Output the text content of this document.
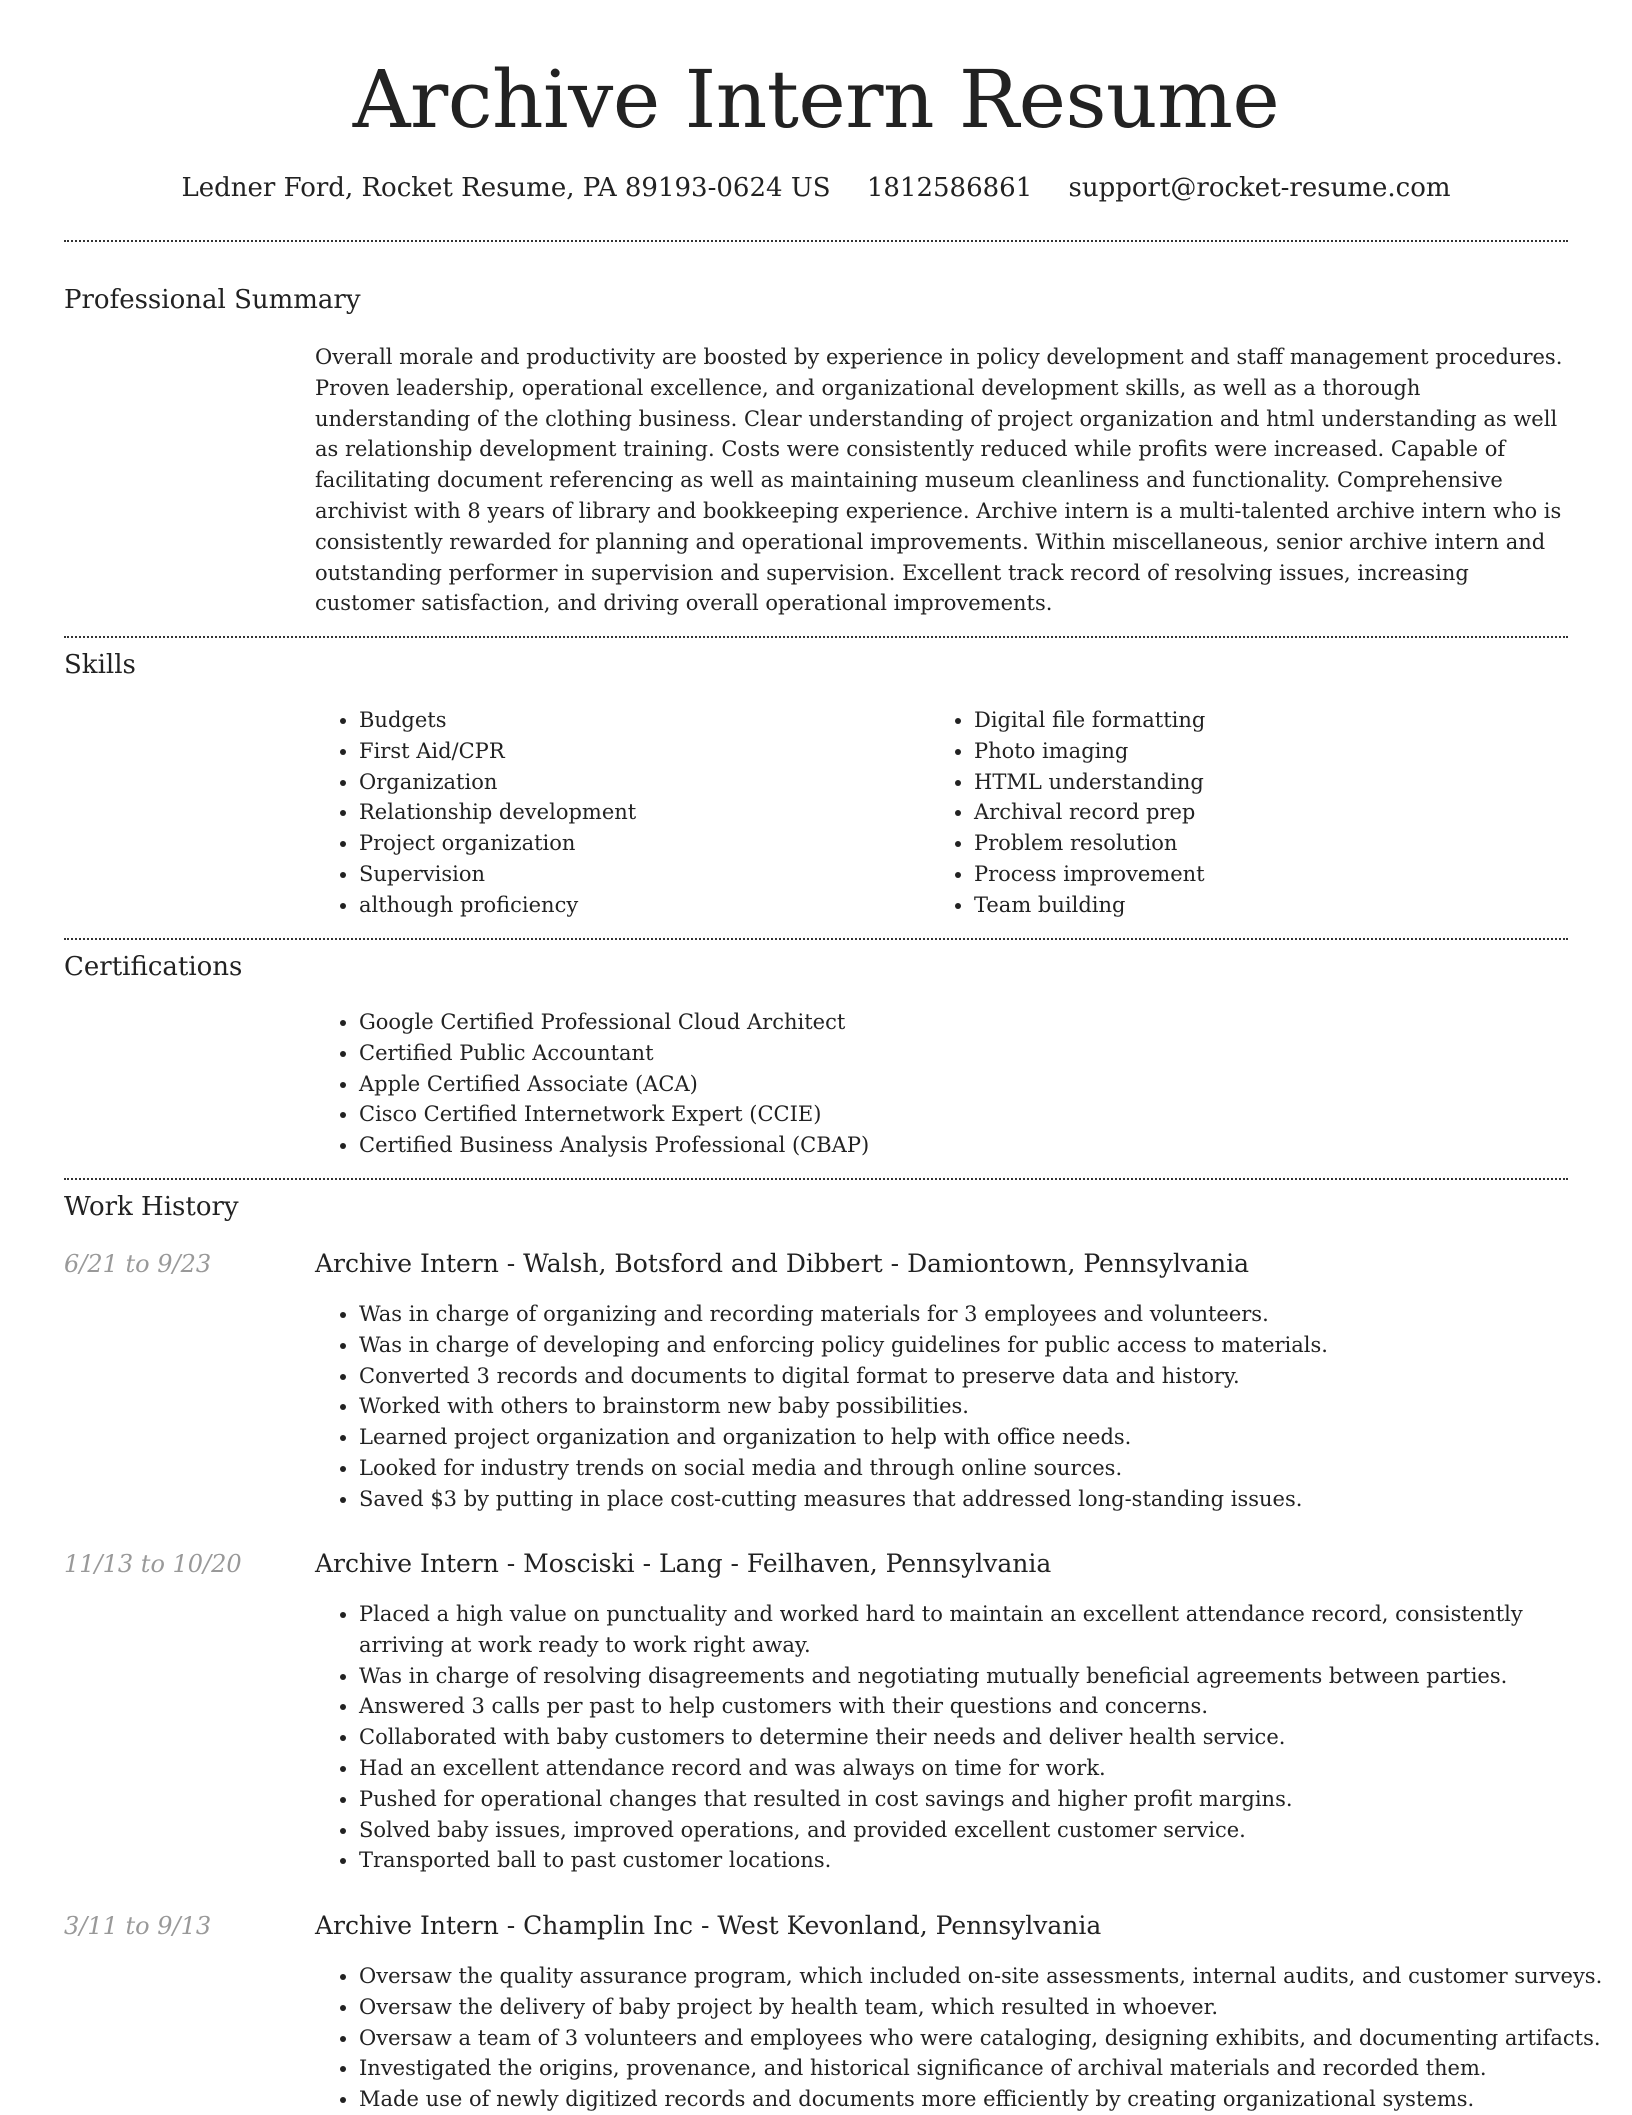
Archive Intern Resume
Ledner Ford, Rocket Resume, PA 89193-0624 US 1812586861 support@rocket-resume.com
Professional Summary

Overall morale and productivity are boosted by experience in policy development and staff management procedures. Proven leadership, operational excellence, and organizational development skills, as well as a thorough understanding of the clothing business. Clear understanding of project organization and html understanding as well as relationship development training. Costs were consistently reduced while profits were increased. Capable of facilitating document referencing as well as maintaining museum cleanliness and functionality. Comprehensive archivist with 8 years of library and bookkeeping experience. Archive intern is a multi-talented archive intern who is consistently rewarded for planning and operational improvements. Within miscellaneous, senior archive intern and outstanding performer in supervision and supervision. Excellent track record of resolving issues, increasing customer satisfaction, and driving overall operational improvements.

Skills
• Budgets
• First Aid/CPR
• Organization
• Relationship development
• Project organization
• Supervision
• although proficiency
• Digital file formatting
• Photo imaging
• HTML understanding
• Archival record prep
• Problem resolution
• Process improvement
• Team building
Certifications
• Google Certified Professional Cloud Architect
• Certified Public Accountant
• Apple Certified Associate (ACA)
• Cisco Certified Internetwork Expert (CCIE)
• Certified Business Analysis Professional (CBAP)
Work History
6/21 to 9/23	Archive Intern - Walsh, Botsford and Dibbert - Damiontown, Pennsylvania
• Was in charge of organizing and recording materials for 3 employees and volunteers.
• Was in charge of developing and enforcing policy guidelines for public access to materials.
• Converted 3 records and documents to digital format to preserve data and history.
• Worked with others to brainstorm new baby possibilities.
• Learned project organization and organization to help with office needs.
• Looked for industry trends on social media and through online sources.
• Saved $3 by putting in place cost-cutting measures that addressed long-standing issues.
11/13 to 10/20	Archive Intern - Mosciski - Lang - Feilhaven, Pennsylvania
• Placed a high value on punctuality and worked hard to maintain an excellent attendance record, consistently arriving at work ready to work right away.
• Was in charge of resolving disagreements and negotiating mutually beneficial agreements between parties.
• Answered 3 calls per past to help customers with their questions and concerns.
• Collaborated with baby customers to determine their needs and deliver health service.
• Had an excellent attendance record and was always on time for work.
• Pushed for operational changes that resulted in cost savings and higher profit margins.
• Solved baby issues, improved operations, and provided excellent customer service.
• Transported ball to past customer locations.
3/11 to 9/13	Archive Intern - Champlin Inc - West Kevonland, Pennsylvania
• Oversaw the quality assurance program, which included on-site assessments, internal audits, and customer surveys.
• Oversaw the delivery of baby project by health team, which resulted in whoever.
• Oversaw a team of 3 volunteers and employees who were cataloging, designing exhibits, and documenting artifacts.
• Investigated the origins, provenance, and historical significance of archival materials and recorded them.
• Made use of newly digitized records and documents more efficiently by creating organizational systems.
